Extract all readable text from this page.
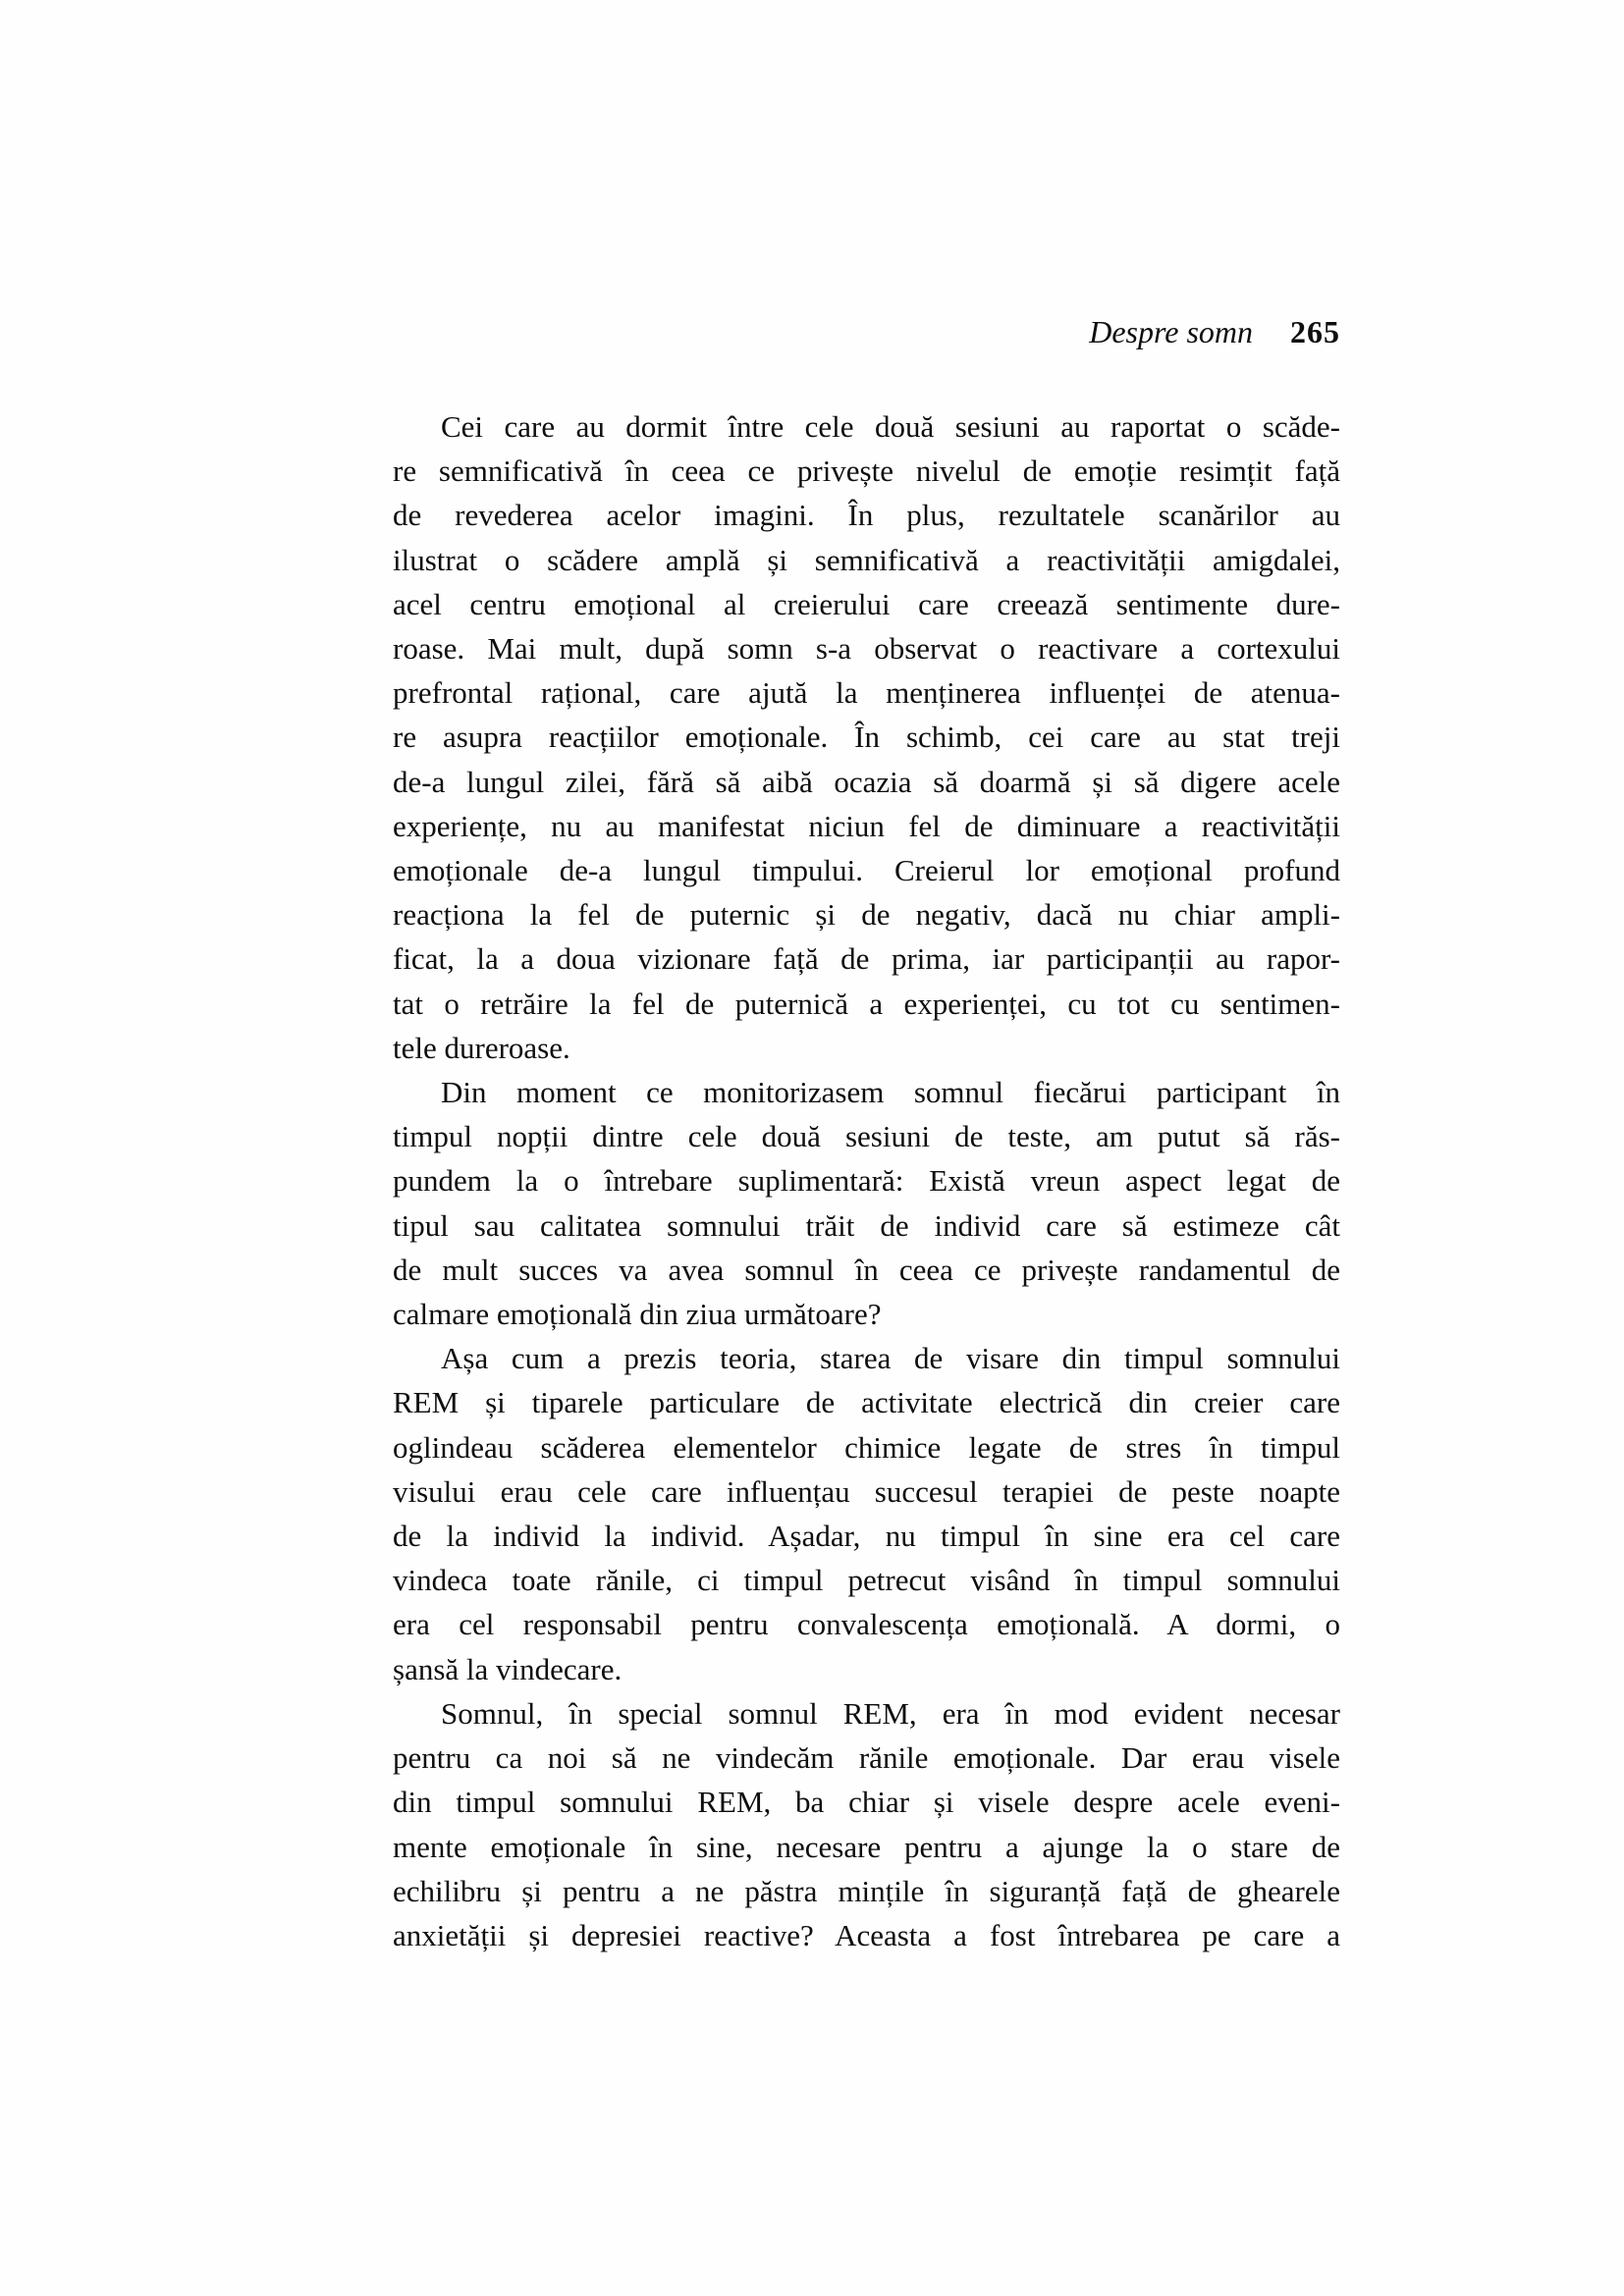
Despre somn 265
Cei care au dormit între cele două sesiuni au raportat o scăde-
re semnificativă în ceea ce privește nivelul de emoție resimțit față
de revederea acelor imagini. În plus, rezultatele scanărilor au
ilustrat o scădere amplă și semnificativă a reactivității amigdalei,
acel centru emoțional al creierului care creează sentimente dure-
roase. Mai mult, după somn s-a observat o reactivare a cortexului
prefrontal rațional, care ajută la menținerea influenței de atenua-
re asupra reacțiilor emoționale. În schimb, cei care au stat treji
de-a lungul zilei, fără să aibă ocazia să doarmă și să digere acele
experiențe, nu au manifestat niciun fel de diminuare a reactivității
emoționale de-a lungul timpului. Creierul lor emoțional profund
reacționa la fel de puternic și de negativ, dacă nu chiar ampli-
ficat, la a doua vizionare față de prima, iar participanții au rapor-
tat o retrăire la fel de puternică a experienței, cu tot cu sentimen-
tele dureroase.
Din moment ce monitorizasem somnul fiecărui participant în
timpul nopții dintre cele două sesiuni de teste, am putut să răs-
pundem la o întrebare suplimentară: Există vreun aspect legat de
tipul sau calitatea somnului trăit de individ care să estimeze cât
de mult succes va avea somnul în ceea ce privește randamentul de
calmare emoțională din ziua următoare?
Așa cum a prezis teoria, starea de visare din timpul somnului
REM și tiparele particulare de activitate electrică din creier care
oglindeau scăderea elementelor chimice legate de stres în timpul
visului erau cele care influențau succesul terapiei de peste noapte
de la individ la individ. Așadar, nu timpul în sine era cel care
vindeca toate rănile, ci timpul petrecut visând în timpul somnului
era cel responsabil pentru convalescența emoțională. A dormi, o
șansă la vindecare.
Somnul, în special somnul REM, era în mod evident necesar
pentru ca noi să ne vindecăm rănile emoționale. Dar erau visele
din timpul somnului REM, ba chiar și visele despre acele eveni-
mente emoționale în sine, necesare pentru a ajunge la o stare de
echilibru și pentru a ne păstra mințile în siguranță față de ghearele
anxietății și depresiei reactive? Aceasta a fost întrebarea pe care a
